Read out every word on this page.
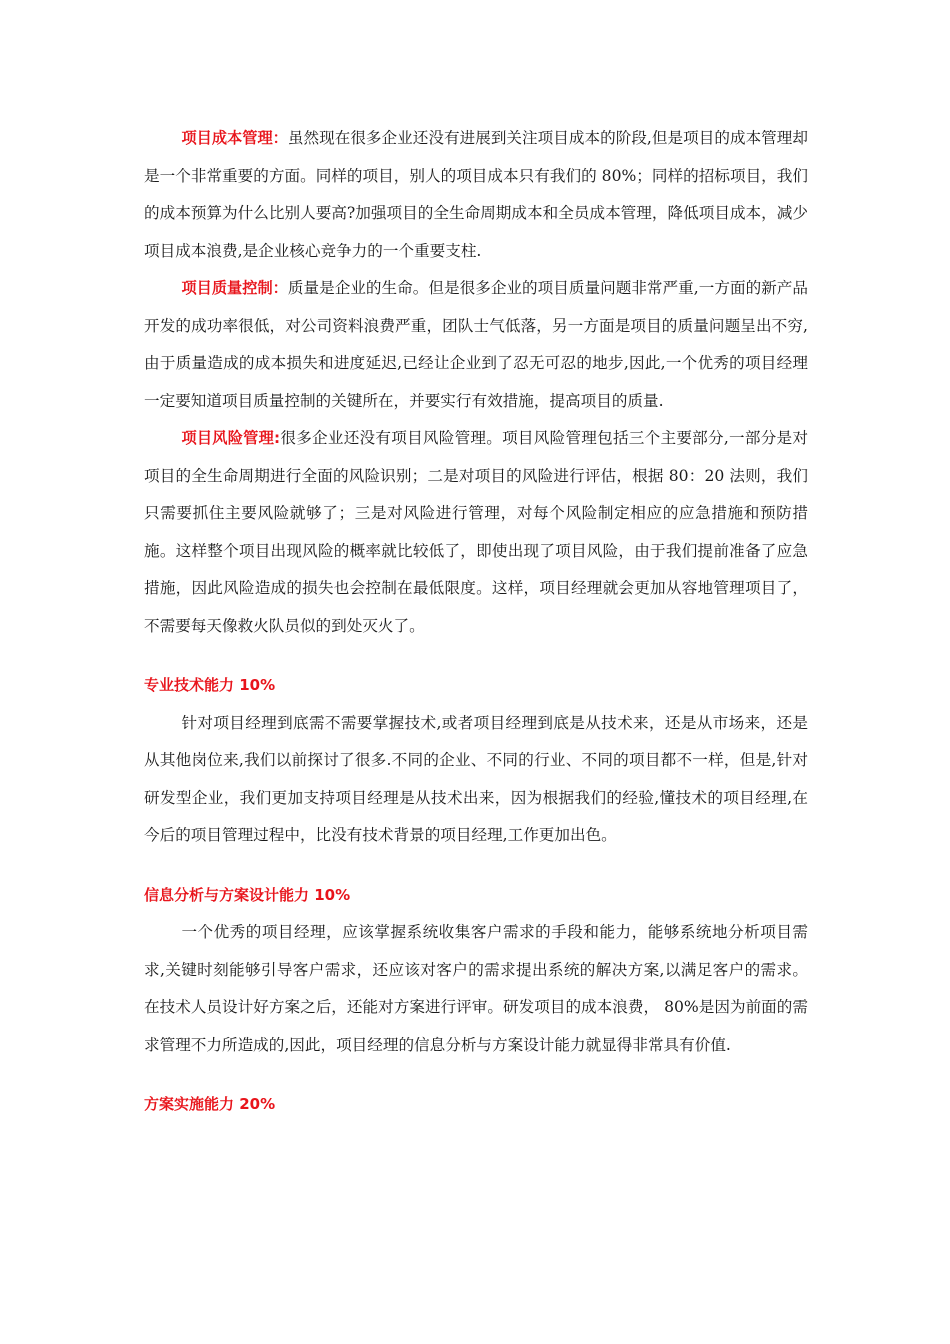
项目成本管理：虽然现在很多企业还没有进展到关注项目成本的阶段,但是项目的成本管理却是一个非常重要的方面。同样的项目，别人的项目成本只有我们的 80%；同样的招标项目，我们的成本预算为什么比别人要高?加强项目的全生命周期成本和全员成本管理，降低项目成本，减少项目成本浪费,是企业核心竞争力的一个重要支柱.

项目质量控制：质量是企业的生命。但是很多企业的项目质量问题非常严重,一方面的新产品开发的成功率很低，对公司资料浪费严重，团队士气低落，另一方面是项目的质量问题呈出不穷,由于质量造成的成本损失和进度延迟,已经让企业到了忍无可忍的地步,因此,一个优秀的项目经理一定要知道项目质量控制的关键所在，并要实行有效措施，提高项目的质量.

项目风险管理:很多企业还没有项目风险管理。项目风险管理包括三个主要部分,一部分是对项目的全生命周期进行全面的风险识别；二是对项目的风险进行评估，根据 80：20 法则，我们只需要抓住主要风险就够了；三是对风险进行管理，对每个风险制定相应的应急措施和预防措施。这样整个项目出现风险的概率就比较低了，即使出现了项目风险，由于我们提前准备了应急措施，因此风险造成的损失也会控制在最低限度。这样，项目经理就会更加从容地管理项目了，不需要每天像救火队员似的到处灭火了。

专业技术能力 10%

针对项目经理到底需不需要掌握技术,或者项目经理到底是从技术来，还是从市场来，还是从其他岗位来,我们以前探讨了很多.不同的企业、不同的行业、不同的项目都不一样，但是,针对研发型企业，我们更加支持项目经理是从技术出来，因为根据我们的经验,懂技术的项目经理,在今后的项目管理过程中，比没有技术背景的项目经理,工作更加出色。

信息分析与方案设计能力 10%

一个优秀的项目经理，应该掌握系统收集客户需求的手段和能力，能够系统地分析项目需求,关键时刻能够引导客户需求，还应该对客户的需求提出系统的解决方案,以满足客户的需求。在技术人员设计好方案之后，还能对方案进行评审。研发项目的成本浪费， 80%是因为前面的需求管理不力所造成的,因此，项目经理的信息分析与方案设计能力就显得非常具有价值.

方案实施能力 20%
